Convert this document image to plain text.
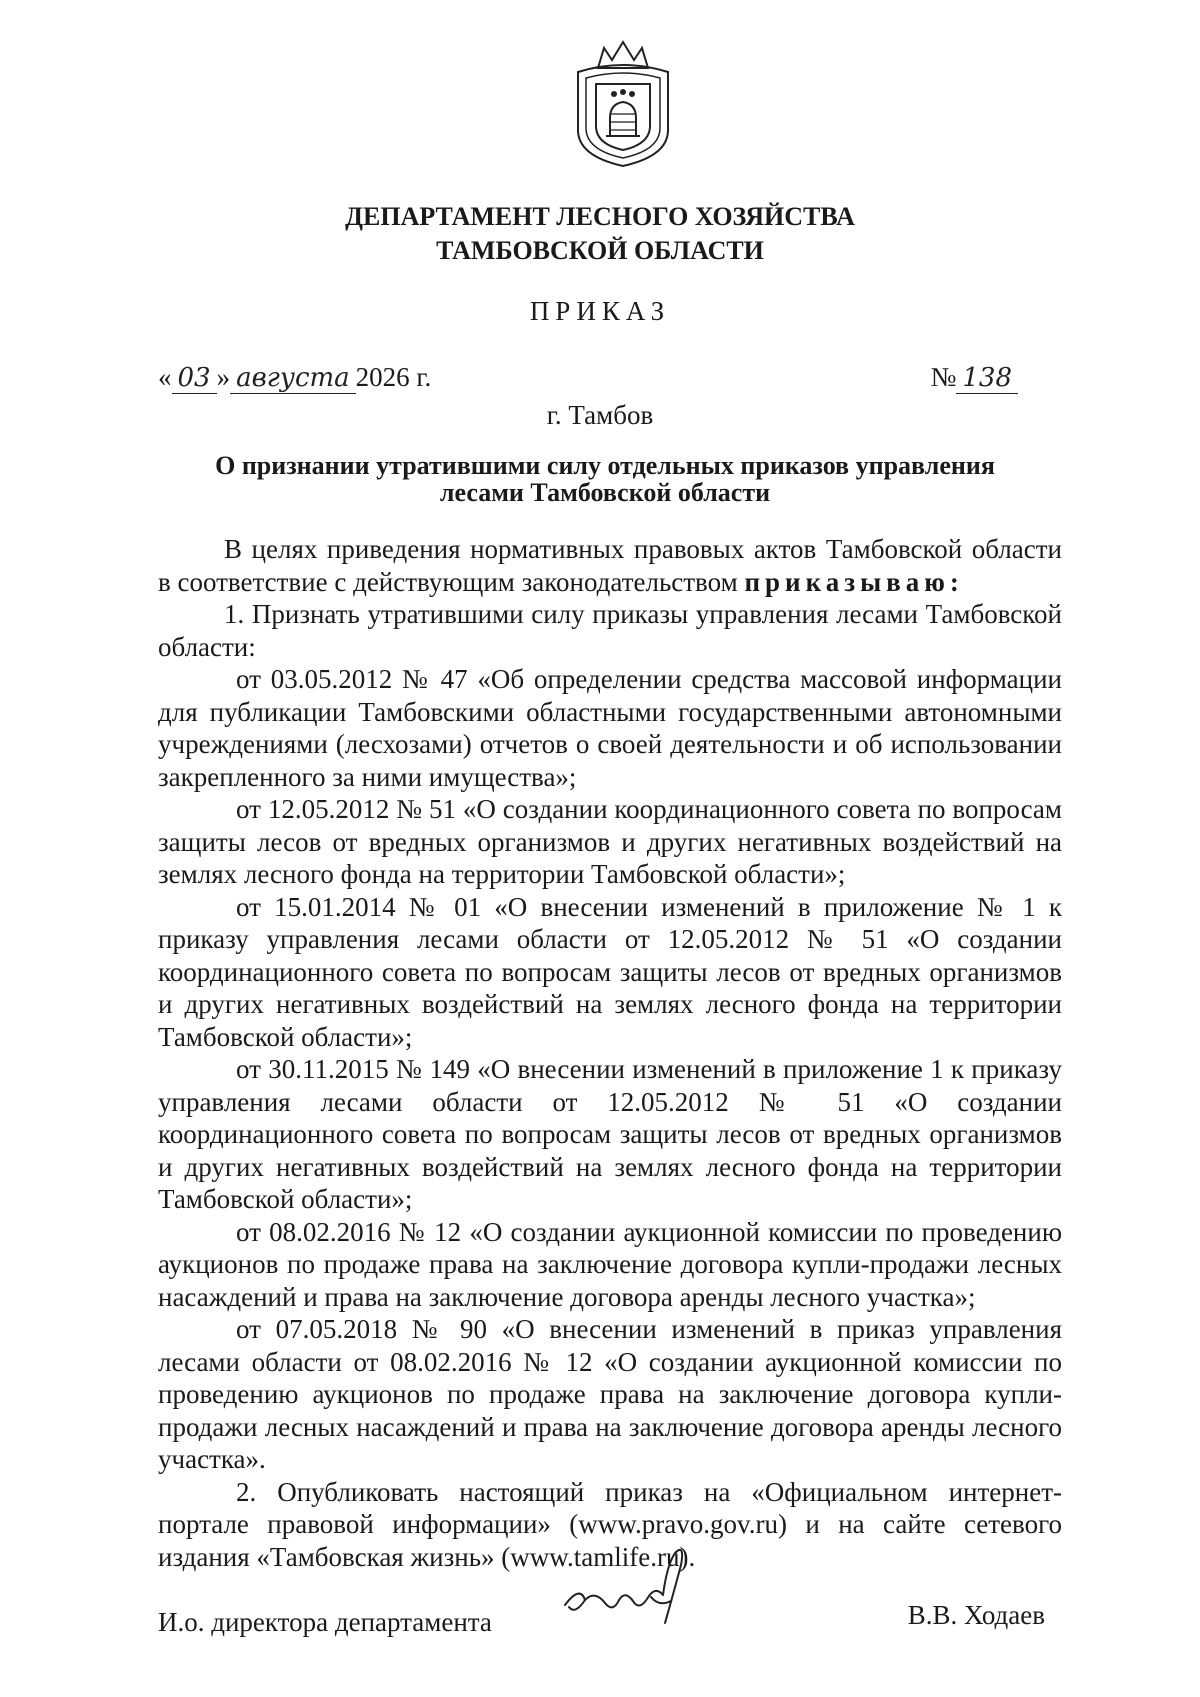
ДЕПАРТАМЕНТ ЛЕСНОГО ХОЗЯЙСТВА
ТАМБОВСКОЙ ОБЛАСТИ
ПРИКАЗ
« 03 » августа 2026 г.	№ 138
г. Тамбов
О признании утратившими силу отдельных приказов управления
лесами Тамбовской области

В целях приведения нормативных правовых актов Тамбовской области в соответствие с действующим законодательством приказываю:

1. Признать утратившими силу приказы управления лесами Тамбовской области:

от 03.05.2012 № 47 «Об определении средства массовой информации для публикации Тамбовскими областными государственными автономными учреждениями (лесхозами) отчетов о своей деятельности и об использовании закрепленного за ними имущества»;

от 12.05.2012 № 51 «О создании координационного совета по вопросам защиты лесов от вредных организмов и других негативных воздействий на землях лесного фонда на территории Тамбовской области»;

от 15.01.2014 № 01 «О внесении изменений в приложение № 1 к приказу управления лесами области от 12.05.2012 № 51 «О создании координационного совета по вопросам защиты лесов от вредных организмов и других негативных воздействий на землях лесного фонда на территории Тамбовской области»;

от 30.11.2015 № 149 «О внесении изменений в приложение 1 к приказу управления лесами области от 12.05.2012 № 51 «О создании координационного совета по вопросам защиты лесов от вредных организмов и других негативных воздействий на землях лесного фонда на территории Тамбовской области»;

от 08.02.2016 № 12 «О создании аукционной комиссии по проведению аукционов по продаже права на заключение договора купли-продажи лесных насаждений и права на заключение договора аренды лесного участка»;

от 07.05.2018 № 90 «О внесении изменений в приказ управления лесами области от 08.02.2016 № 12 «О создании аукционной комиссии по проведению аукционов по продаже права на заключение договора купли-продажи лесных насаждений и права на заключение договора аренды лесного участка».

2. Опубликовать настоящий приказ на «Официальном интернет-портале правовой информации» (www.pravo.gov.ru) и на сайте сетевого издания «Тамбовская жизнь» (www.tamlife.ru).

И.о. директора департамента	В.В. Ходаев
